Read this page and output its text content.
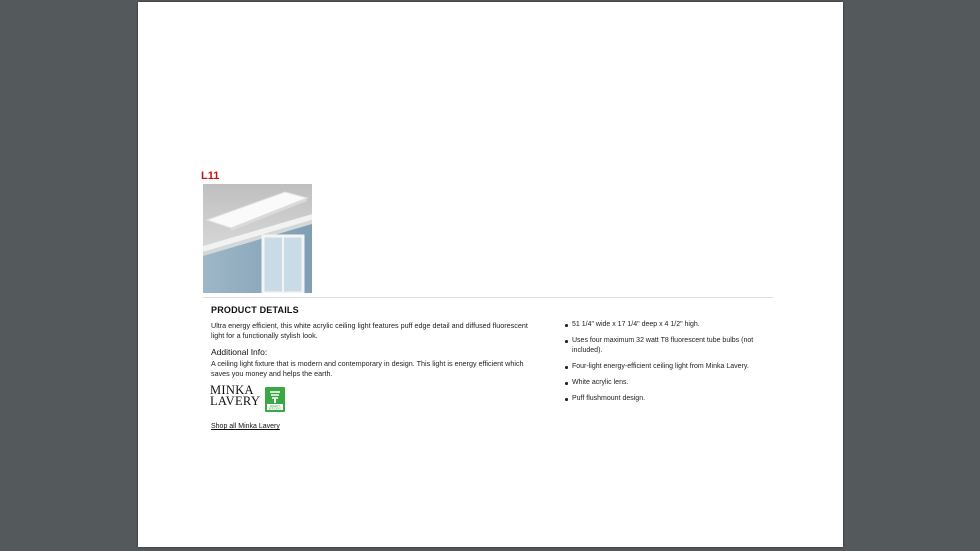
L11
PRODUCT DETAILS
Ultra energy efficient, this white acrylic ceiling light features puff edge detail and diffused fluorescent light for a functionally stylish look.
Additional Info:
A ceiling light fixture that is modern and contemporary in design. This light is energy efficient which saves you money and helps the earth.
MINKA
LAVERY	ENERGY
EFFICIENT
Shop all Minka Lavery
51 1/4" wide x 17 1/4" deep x 4 1/2" high.
Uses four maximum 32 watt T8 fluorescent tube bulbs (not included).
Four-light energy-efficient ceiling light from Minka Lavery.
White acrylic lens.
Puff flushmount design.
